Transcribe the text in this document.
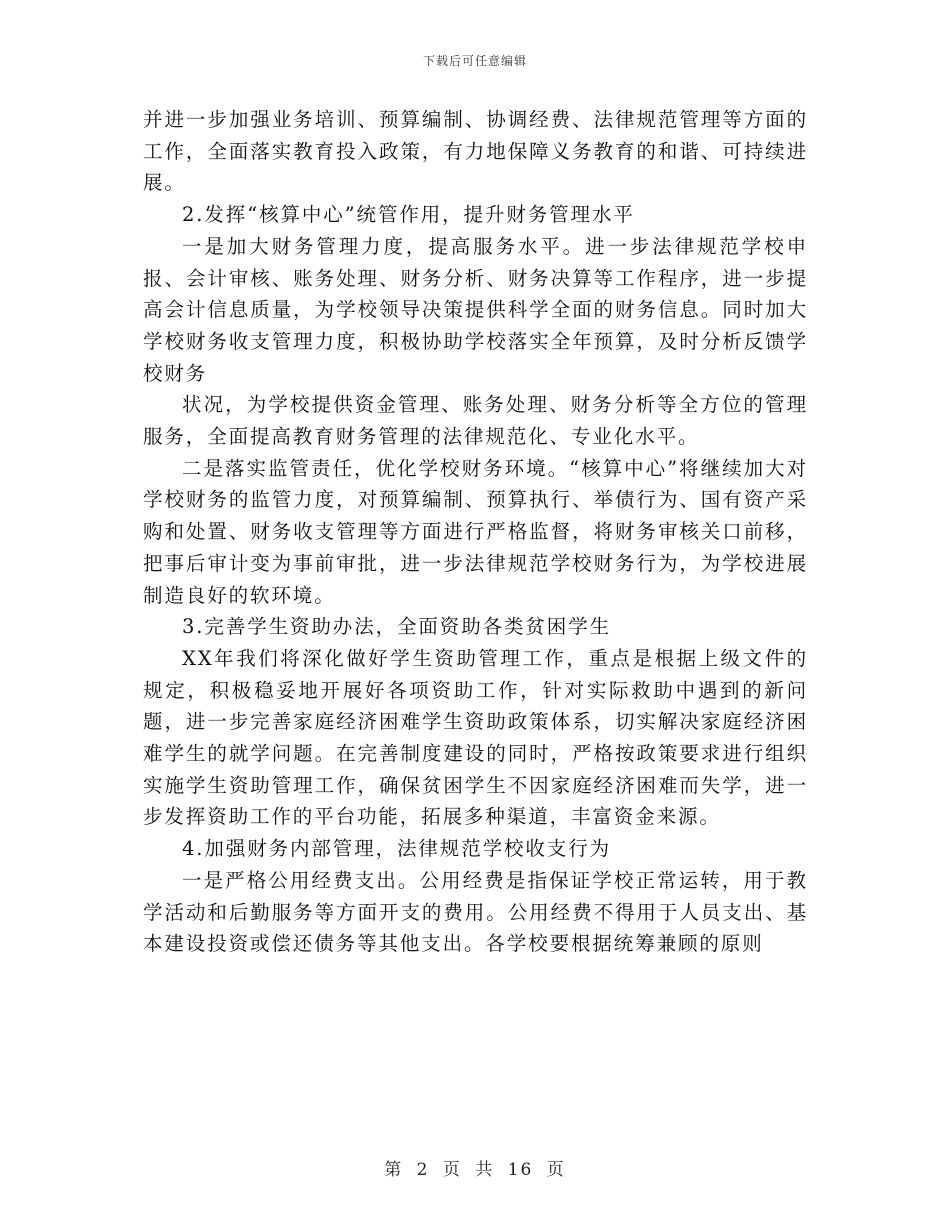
下载后可任意编辑

并进一步加强业务培训、预算编制、协调经费、法律规范管理等方面的工作，全面落实教育投入政策，有力地保障义务教育的和谐、可持续进展。

2.发挥“核算中心”统管作用，提升财务管理水平

一是加大财务管理力度，提高服务水平。进一步法律规范学校申报、会计审核、账务处理、财务分析、财务决算等工作程序，进一步提高会计信息质量，为学校领导决策提供科学全面的财务信息。同时加大学校财务收支管理力度，积极协助学校落实全年预算，及时分析反馈学校财务

状况，为学校提供资金管理、账务处理、财务分析等全方位的管理服务，全面提高教育财务管理的法律规范化、专业化水平。

二是落实监管责任，优化学校财务环境。“核算中心”将继续加大对学校财务的监管力度，对预算编制、预算执行、举债行为、国有资产采购和处置、财务收支管理等方面进行严格监督，将财务审核关口前移，把事后审计变为事前审批，进一步法律规范学校财务行为，为学校进展制造良好的软环境。

3.完善学生资助办法，全面资助各类贫困学生

XX年我们将深化做好学生资助管理工作，重点是根据上级文件的规定，积极稳妥地开展好各项资助工作，针对实际救助中遇到的新问题，进一步完善家庭经济困难学生资助政策体系，切实解决家庭经济困难学生的就学问题。在完善制度建设的同时，严格按政策要求进行组织实施学生资助管理工作，确保贫困学生不因家庭经济困难而失学，进一步发挥资助工作的平台功能，拓展多种渠道，丰富资金来源。

4.加强财务内部管理，法律规范学校收支行为

一是严格公用经费支出。公用经费是指保证学校正常运转，用于教学活动和后勤服务等方面开支的费用。公用经费不得用于人员支出、基本建设投资或偿还债务等其他支出。各学校要根据统筹兼顾的原则

第 2 页 共 16 页
